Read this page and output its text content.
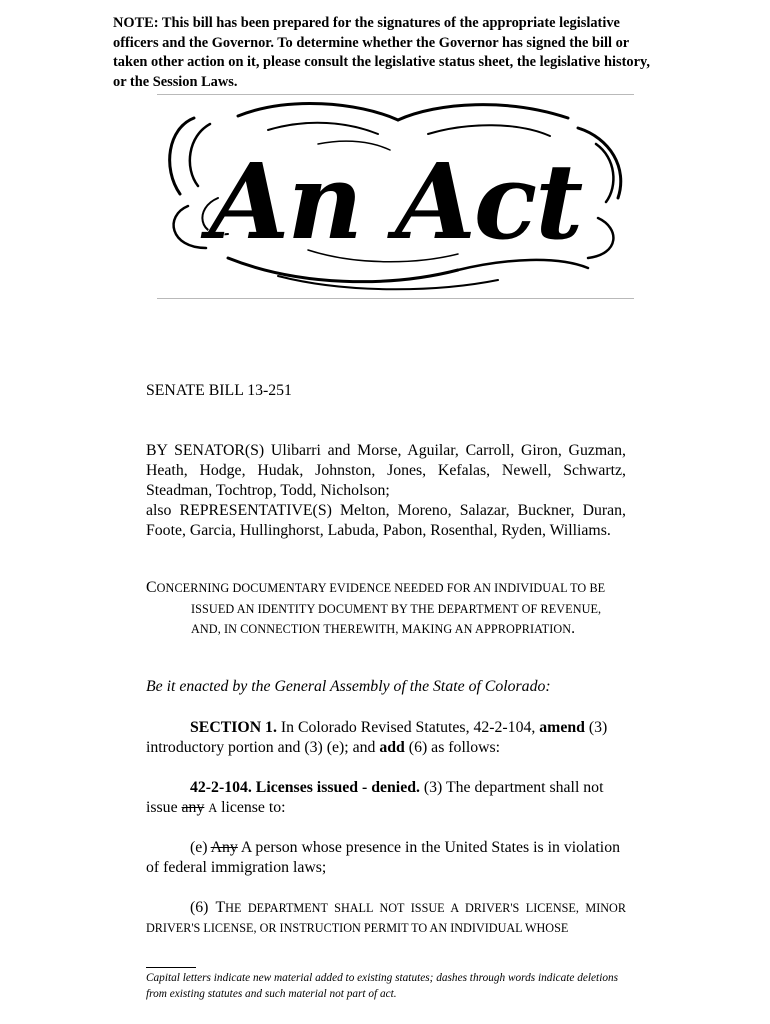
NOTE: This bill has been prepared for the signatures of the appropriate legislative officers and the Governor. To determine whether the Governor has signed the bill or taken other action on it, please consult the legislative status sheet, the legislative history, or the Session Laws.
An Act
SENATE BILL 13-251

BY SENATOR(S) Ulibarri and Morse, Aguilar, Carroll, Giron, Guzman, Heath, Hodge, Hudak, Johnston, Jones, Kefalas, Newell, Schwartz, Steadman, Tochtrop, Todd, Nicholson;

also REPRESENTATIVE(S) Melton, Moreno, Salazar, Buckner, Duran, Foote, Garcia, Hullinghorst, Labuda, Pabon, Rosenthal, Ryden, Williams.

CONCERNING DOCUMENTARY EVIDENCE NEEDED FOR AN INDIVIDUAL TO BE
ISSUED AN IDENTITY DOCUMENT BY THE DEPARTMENT OF REVENUE,
AND, IN CONNECTION THEREWITH, MAKING AN APPROPRIATION.
Be it enacted by the General Assembly of the State of Colorado:

SECTION 1. In Colorado Revised Statutes, 42-2-104, amend (3) introductory portion and (3) (e); and add (6) as follows:

42-2-104. Licenses issued - denied. (3) The department shall not issue any A license to:

(e) Any A person whose presence in the United States is in violation of federal immigration laws;

(6) THE DEPARTMENT SHALL NOT ISSUE A DRIVER'S LICENSE, MINOR DRIVER'S LICENSE, OR INSTRUCTION PERMIT TO AN INDIVIDUAL WHOSE

Capital letters indicate new material added to existing statutes; dashes through words indicate deletions from existing statutes and such material not part of act.
